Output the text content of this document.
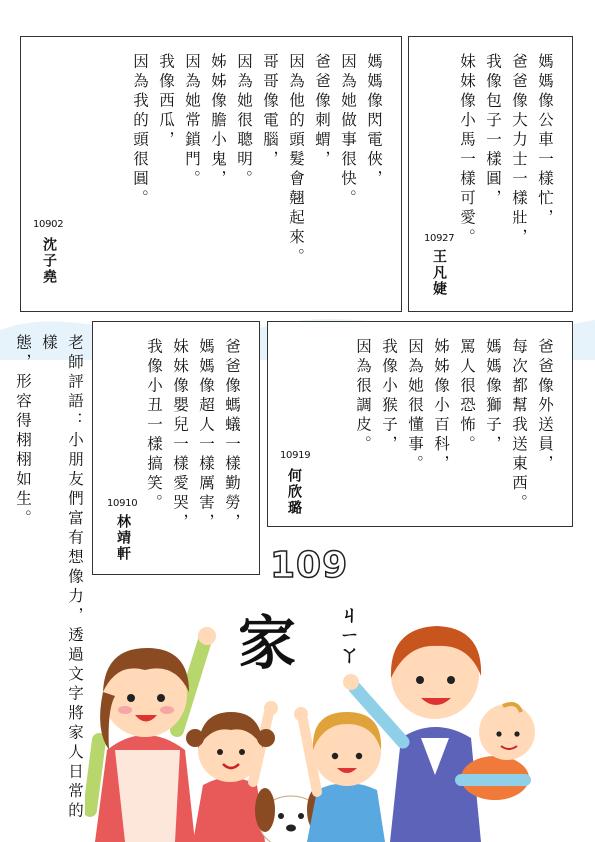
媽媽像公車一樣忙，
爸爸像大力士一樣壯，
我像包子一樣圓，
妹妹像小馬一樣可愛。
10927
王凡婕
媽媽像閃電俠，
因為她做事很快。
爸爸像刺蝟，
因為他的頭髮會翹起來。
哥哥像電腦，
因為她很聰明。
姊姊像膽小鬼，
因為她常鎖門。
我像西瓜，
因為我的頭很圓。
10902
沈子堯
爸爸像外送員，
每次都幫我送東西。
媽媽像獅子，
罵人很恐怖。
姊姊像小百科，
因為她很懂事。
我像小猴子，
因為很調皮。
10919
何欣璐
爸爸像螞蟻一樣勤勞，
媽媽像超人一樣厲害，
妹妹像嬰兒一樣愛哭，
我像小丑一樣搞笑。
10910
林靖軒
老師評語：小朋友們富有想像力，透過文字將家人日常的樣
態，形容得栩栩如生。
109
家 ㄐㄧㄚ
